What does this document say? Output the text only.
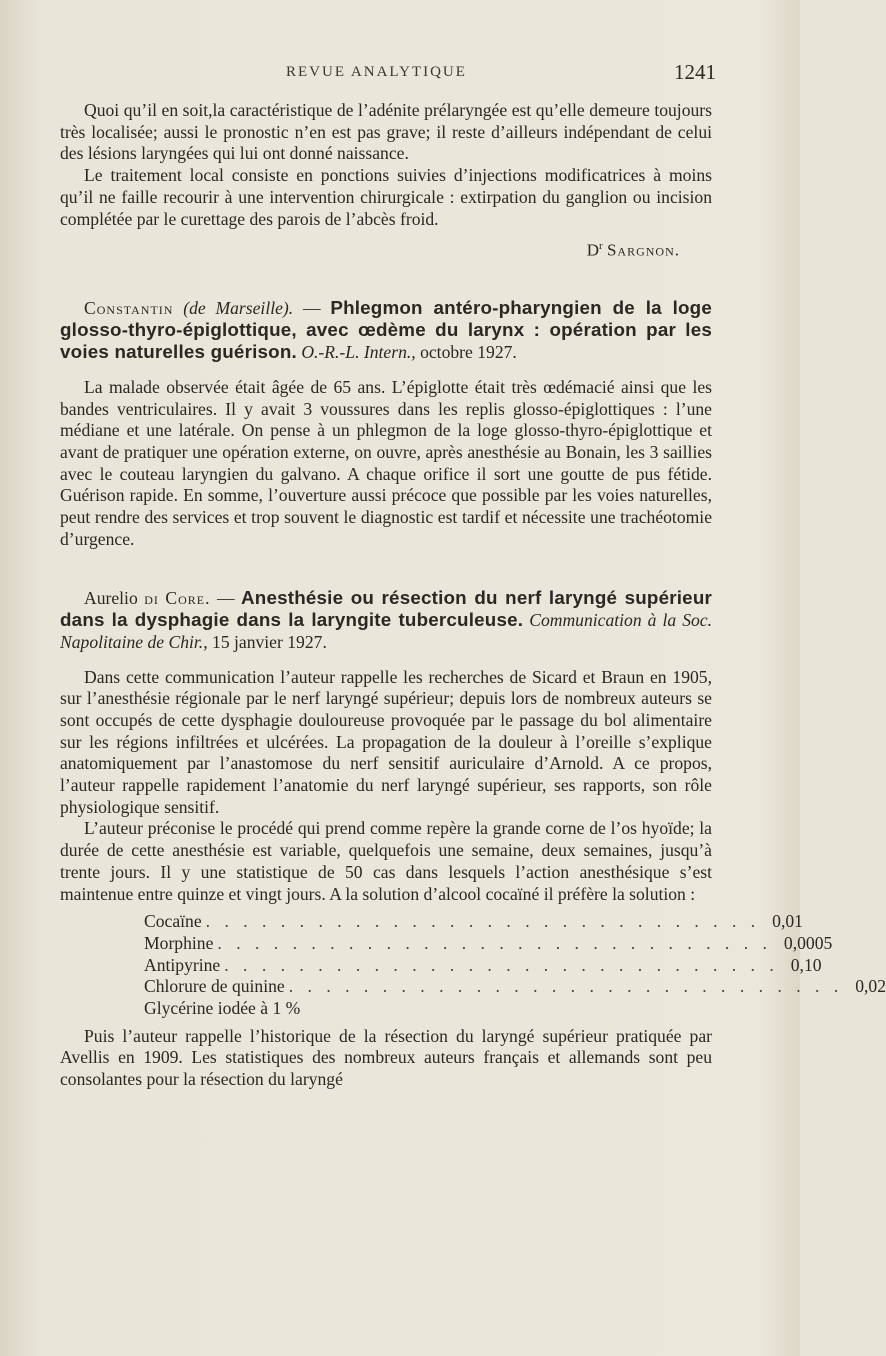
REVUE ANALYTIQUE	1241

Quoi qu’il en soit,la caractéristique de l’adénite prélaryngée est qu’elle demeure toujours très localisée; aussi le pronostic n’en est pas grave; il reste d’ailleurs indépendant de celui des lésions laryngées qui lui ont donné naissance.

Le traitement local consiste en ponctions suivies d’injections modificatrices à moins qu’il ne faille recourir à une intervention chirurgicale : extirpation du ganglion ou incision complétée par le curettage des parois de l’abcès froid.

$D^r$ Sargnon.

Constantin (de Marseille). — Phlegmon antéro-pharyngien de la loge glosso-thyro-épiglottique, avec œdème du larynx : opération par les voies naturelles guérison. O.-R.-L. Intern., octobre 1927.

La malade observée était âgée de 65 ans. L’épiglotte était très œdémacié ainsi que les bandes ventriculaires. Il y avait 3 voussures dans les replis glosso-épiglottiques : l’une médiane et une latérale. On pense à un phlegmon de la loge glosso-thyro-épiglottique et avant de pratiquer une opération externe, on ouvre, après anesthésie au Bonain, les 3 saillies avec le couteau laryngien du galvano. A chaque orifice il sort une goutte de pus fétide. Guérison rapide. En somme, l’ouverture aussi précoce que possible par les voies naturelles, peut rendre des services et trop souvent le diagnostic est tardif et nécessite une trachéotomie d’urgence.

Aurelio di Core. — Anesthésie ou résection du nerf laryngé supérieur dans la dysphagie dans la laryngite tuberculeuse. Communication à la Soc. Napolitaine de Chir., 15 janvier 1927.

Dans cette communication l’auteur rappelle les recherches de Sicard et Braun en 1905, sur l’anesthésie régionale par le nerf laryngé supérieur; depuis lors de nombreux auteurs se sont occupés de cette dysphagie douloureuse provoquée par le passage du bol alimentaire sur les régions infiltrées et ulcérées. La propagation de la douleur à l’oreille s’explique anatomiquement par l’anastomose du nerf sensitif auriculaire d’Arnold. A ce propos, l’auteur rappelle rapidement l’anatomie du nerf laryngé supérieur, ses rapports, son rôle physiologique sensitif.

L’auteur préconise le procédé qui prend comme repère la grande corne de l’os hyoïde; la durée de cette anesthésie est variable, quelquefois une semaine, deux semaines, jusqu’à trente jours. Il y une statistique de 50 cas dans lesquels l’action anesthésique s’est maintenue entre quinze et vingt jours. A la solution d’alcool cocaïné il préfère la solution :

Cocaïne . . . . . . . . . . . . . . . . . . . . . . . . . . . . . . 0,01
Morphine . . . . . . . . . . . . . . . . . . . . . . . . . . . . . . 0,0005
Antipyrine . . . . . . . . . . . . . . . . . . . . . . . . . . . . . . 0,10
Chlorure de quinine . . . . . . . . . . . . . . . . . . . . . . . . . . . . . . 0,02
Glycérine iodée à 1 %

Puis l’auteur rappelle l’historique de la résection du laryngé supérieur pratiquée par Avellis en 1909. Les statistiques des nombreux auteurs français et allemands sont peu consolantes pour la résection du laryngé
